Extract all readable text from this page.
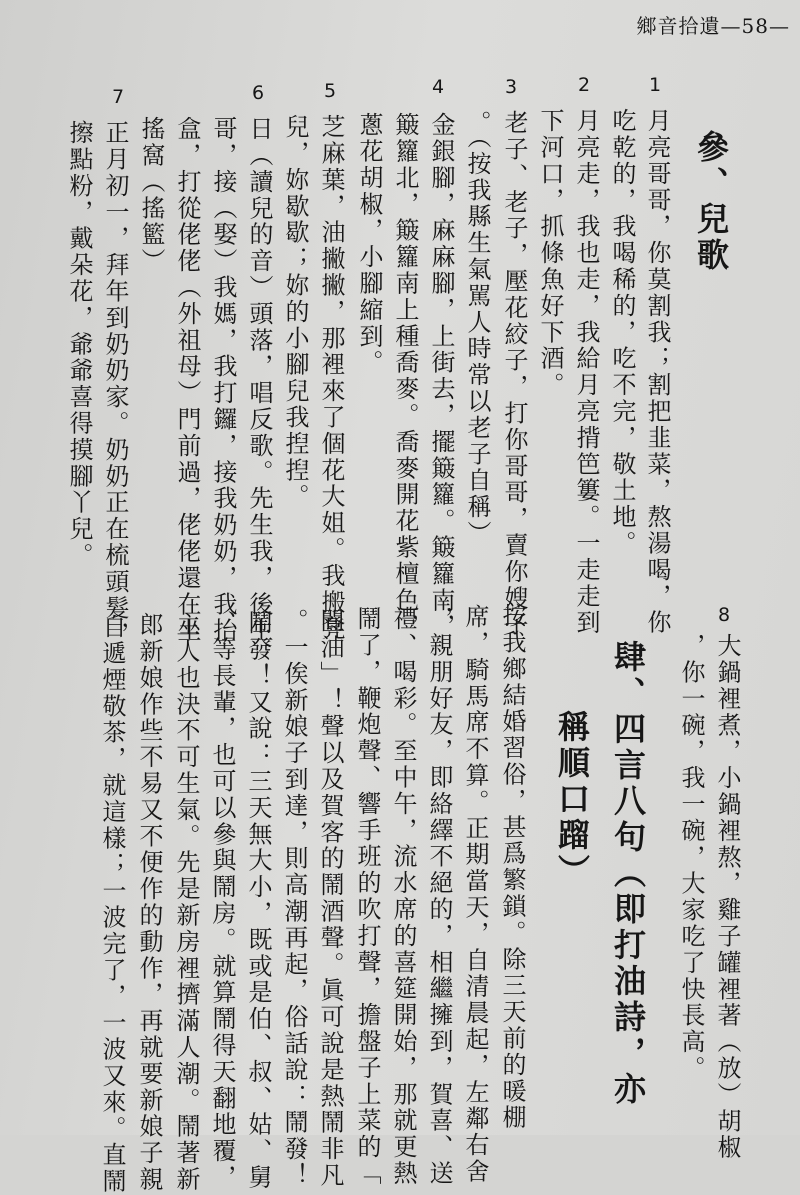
鄉音拾遺—58—
參、兒歌
1
2
3
4
5
6
7
月亮哥哥，你莫割我；割把韭菜，熬湯喝，你
吃乾的，我喝稀的，吃不完，敬土地。
月亮走，我也走，我給月亮揹笆簍。一走走到
下河口，抓條魚好下酒。
老子、老子，壓花絞子，打你哥哥，賣你嫂子
。（按我縣生氣駡人時常以老子自稱）
金銀腳，麻麻腳，上街去，擺簸籮。簸籮南，
簸籮北，簸籮南上種喬麥。喬麥開花紫檀色，
蔥花胡椒，小腳縮到。
芝麻葉，油撇撇，那裡來了個花大姐。我搬凳
兒，妳歇歇；妳的小腳兒我揑揑。
日（讀兒的音）頭落，唱反歌。先生我，後生
哥，接（娶）我媽，我打鑼，接我奶奶，我抬
盒，打從佬佬（外祖母）門前過，佬佬還在坐
搖窩（搖籃）
正月初一，拜年到奶奶家。奶奶正在梳頭髮，
擦點粉，戴朵花，爺爺喜得摸腳丫兒。
8
大鍋裡煮，小鍋裡熬，雞子罐裡著（放）胡椒
，你一碗，我一碗，大家吃了快長高。
肆、四言八句（即打油詩，亦
稱順口蹓）
按我鄉結婚習俗，甚爲繁鎖。除三天前的暖棚
席，騎馬席不算。正期當天，自清晨起，左鄰右舍
，親朋好友，即絡繹不絕的，相繼擁到，賀喜、送
禮、喝彩。至中午，流水席的喜筵開始，那就更熱
鬧了，鞭炮聲、響手班的吹打聲，擔盤子上菜的「
閬油」！聲以及賀客的鬧酒聲。眞可說是熱鬧非凡
。一俟新娘子到達，則高潮再起，俗話說：鬧發！
鬧發！又說：三天無大小，既或是伯、叔、姑、舅
、等長輩，也可以參與鬧房。就算鬧得天翻地覆，
主人也決不可生氣。先是新房裡擠滿人潮。鬧著新
郎新娘作些不易又不便作的動作，再就要新娘子親
自遞煙敬茶，就這樣；一波完了，一波又來。直鬧
